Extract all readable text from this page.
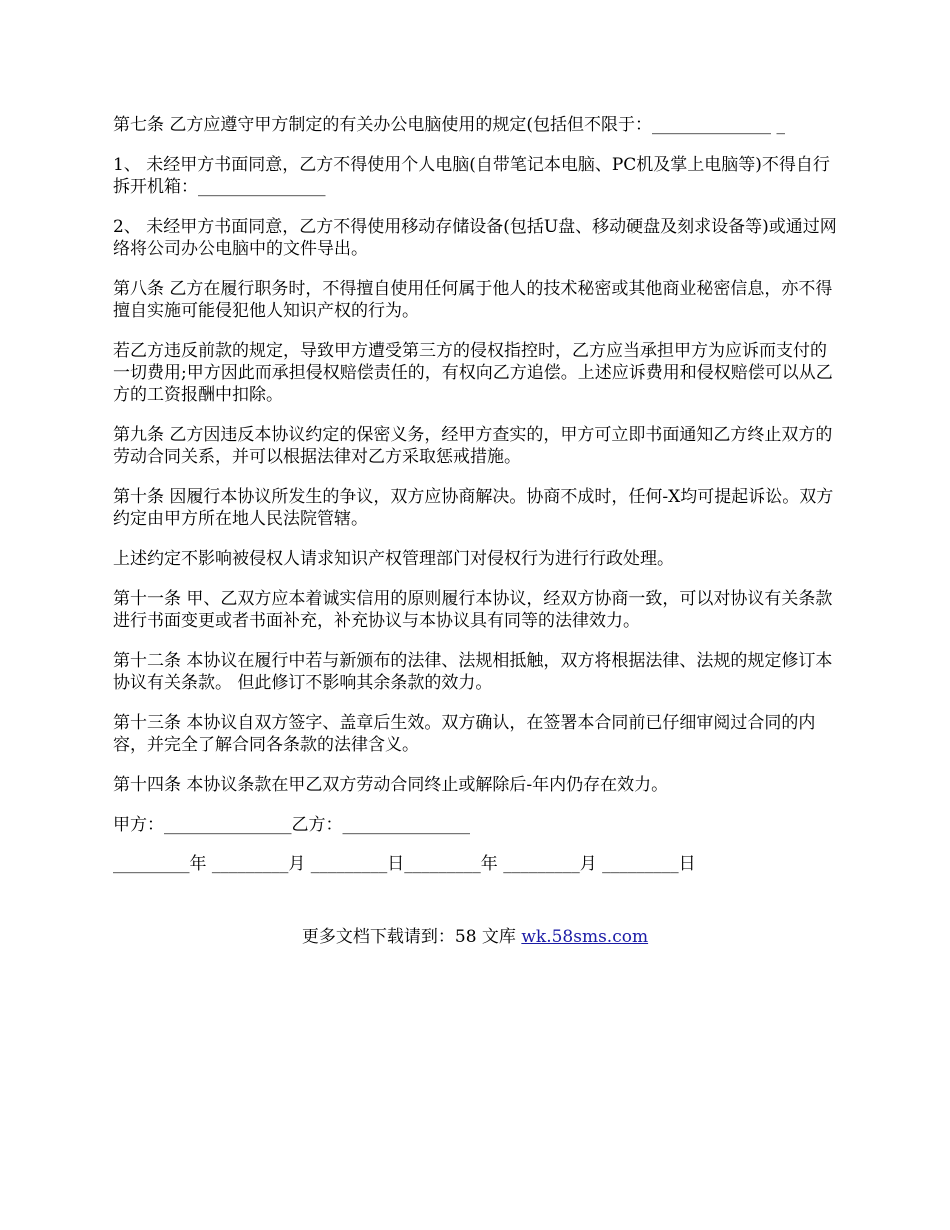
第七条 乙方应遵守甲方制定的有关办公电脑使用的规定(包括但不限于：______________ _

1、 未经甲方书面同意，乙方不得使用个人电脑(自带笔记本电脑、PC机及掌上电脑等)不得自行拆开机箱：_______________

2、 未经甲方书面同意，乙方不得使用移动存储设备(包括U盘、移动硬盘及刻求设备等)或通过网络将公司办公电脑中的文件导出。

第八条 乙方在履行职务时，不得擅自使用任何属于他人的技术秘密或其他商业秘密信息，亦不得擅自实施可能侵犯他人知识产权的行为。

若乙方违反前款的规定，导致甲方遭受第三方的侵权指控时，乙方应当承担甲方为应诉而支付的一切费用;甲方因此而承担侵权赔偿责任的，有权向乙方追偿。上述应诉费用和侵权赔偿可以从乙方的工资报酬中扣除。

第九条 乙方因违反本协议约定的保密义务，经甲方查实的，甲方可立即书面通知乙方终止双方的劳动合同关系，并可以根据法律对乙方采取惩戒措施。

第十条 因履行本协议所发生的争议，双方应协商解决。协商不成时，任何-X均可提起诉讼。双方约定由甲方所在地人民法院管辖。

上述约定不影响被侵权人请求知识产权管理部门对侵权行为进行行政处理。

第十一条 甲、乙双方应本着诚实信用的原则履行本协议，经双方协商一致，可以对协议有关条款进行书面变更或者书面补充，补充协议与本协议具有同等的法律效力。

第十二条 本协议在履行中若与新颁布的法律、法规相抵触，双方将根据法律、法规的规定修订本协议有关条款。 但此修订不影响其余条款的效力。

第十三条 本协议自双方签字、盖章后生效。双方确认，在签署本合同前已仔细审阅过合同的内容，并完全了解合同各条款的法律含义。

第十四条 本协议条款在甲乙双方劳动合同终止或解除后-年内仍存在效力。

甲方：_______________乙方：_______________
_________年 _________月 _________日_________年 _________月 _________日
更多文档下载请到：58 文库 wk.58sms.com
